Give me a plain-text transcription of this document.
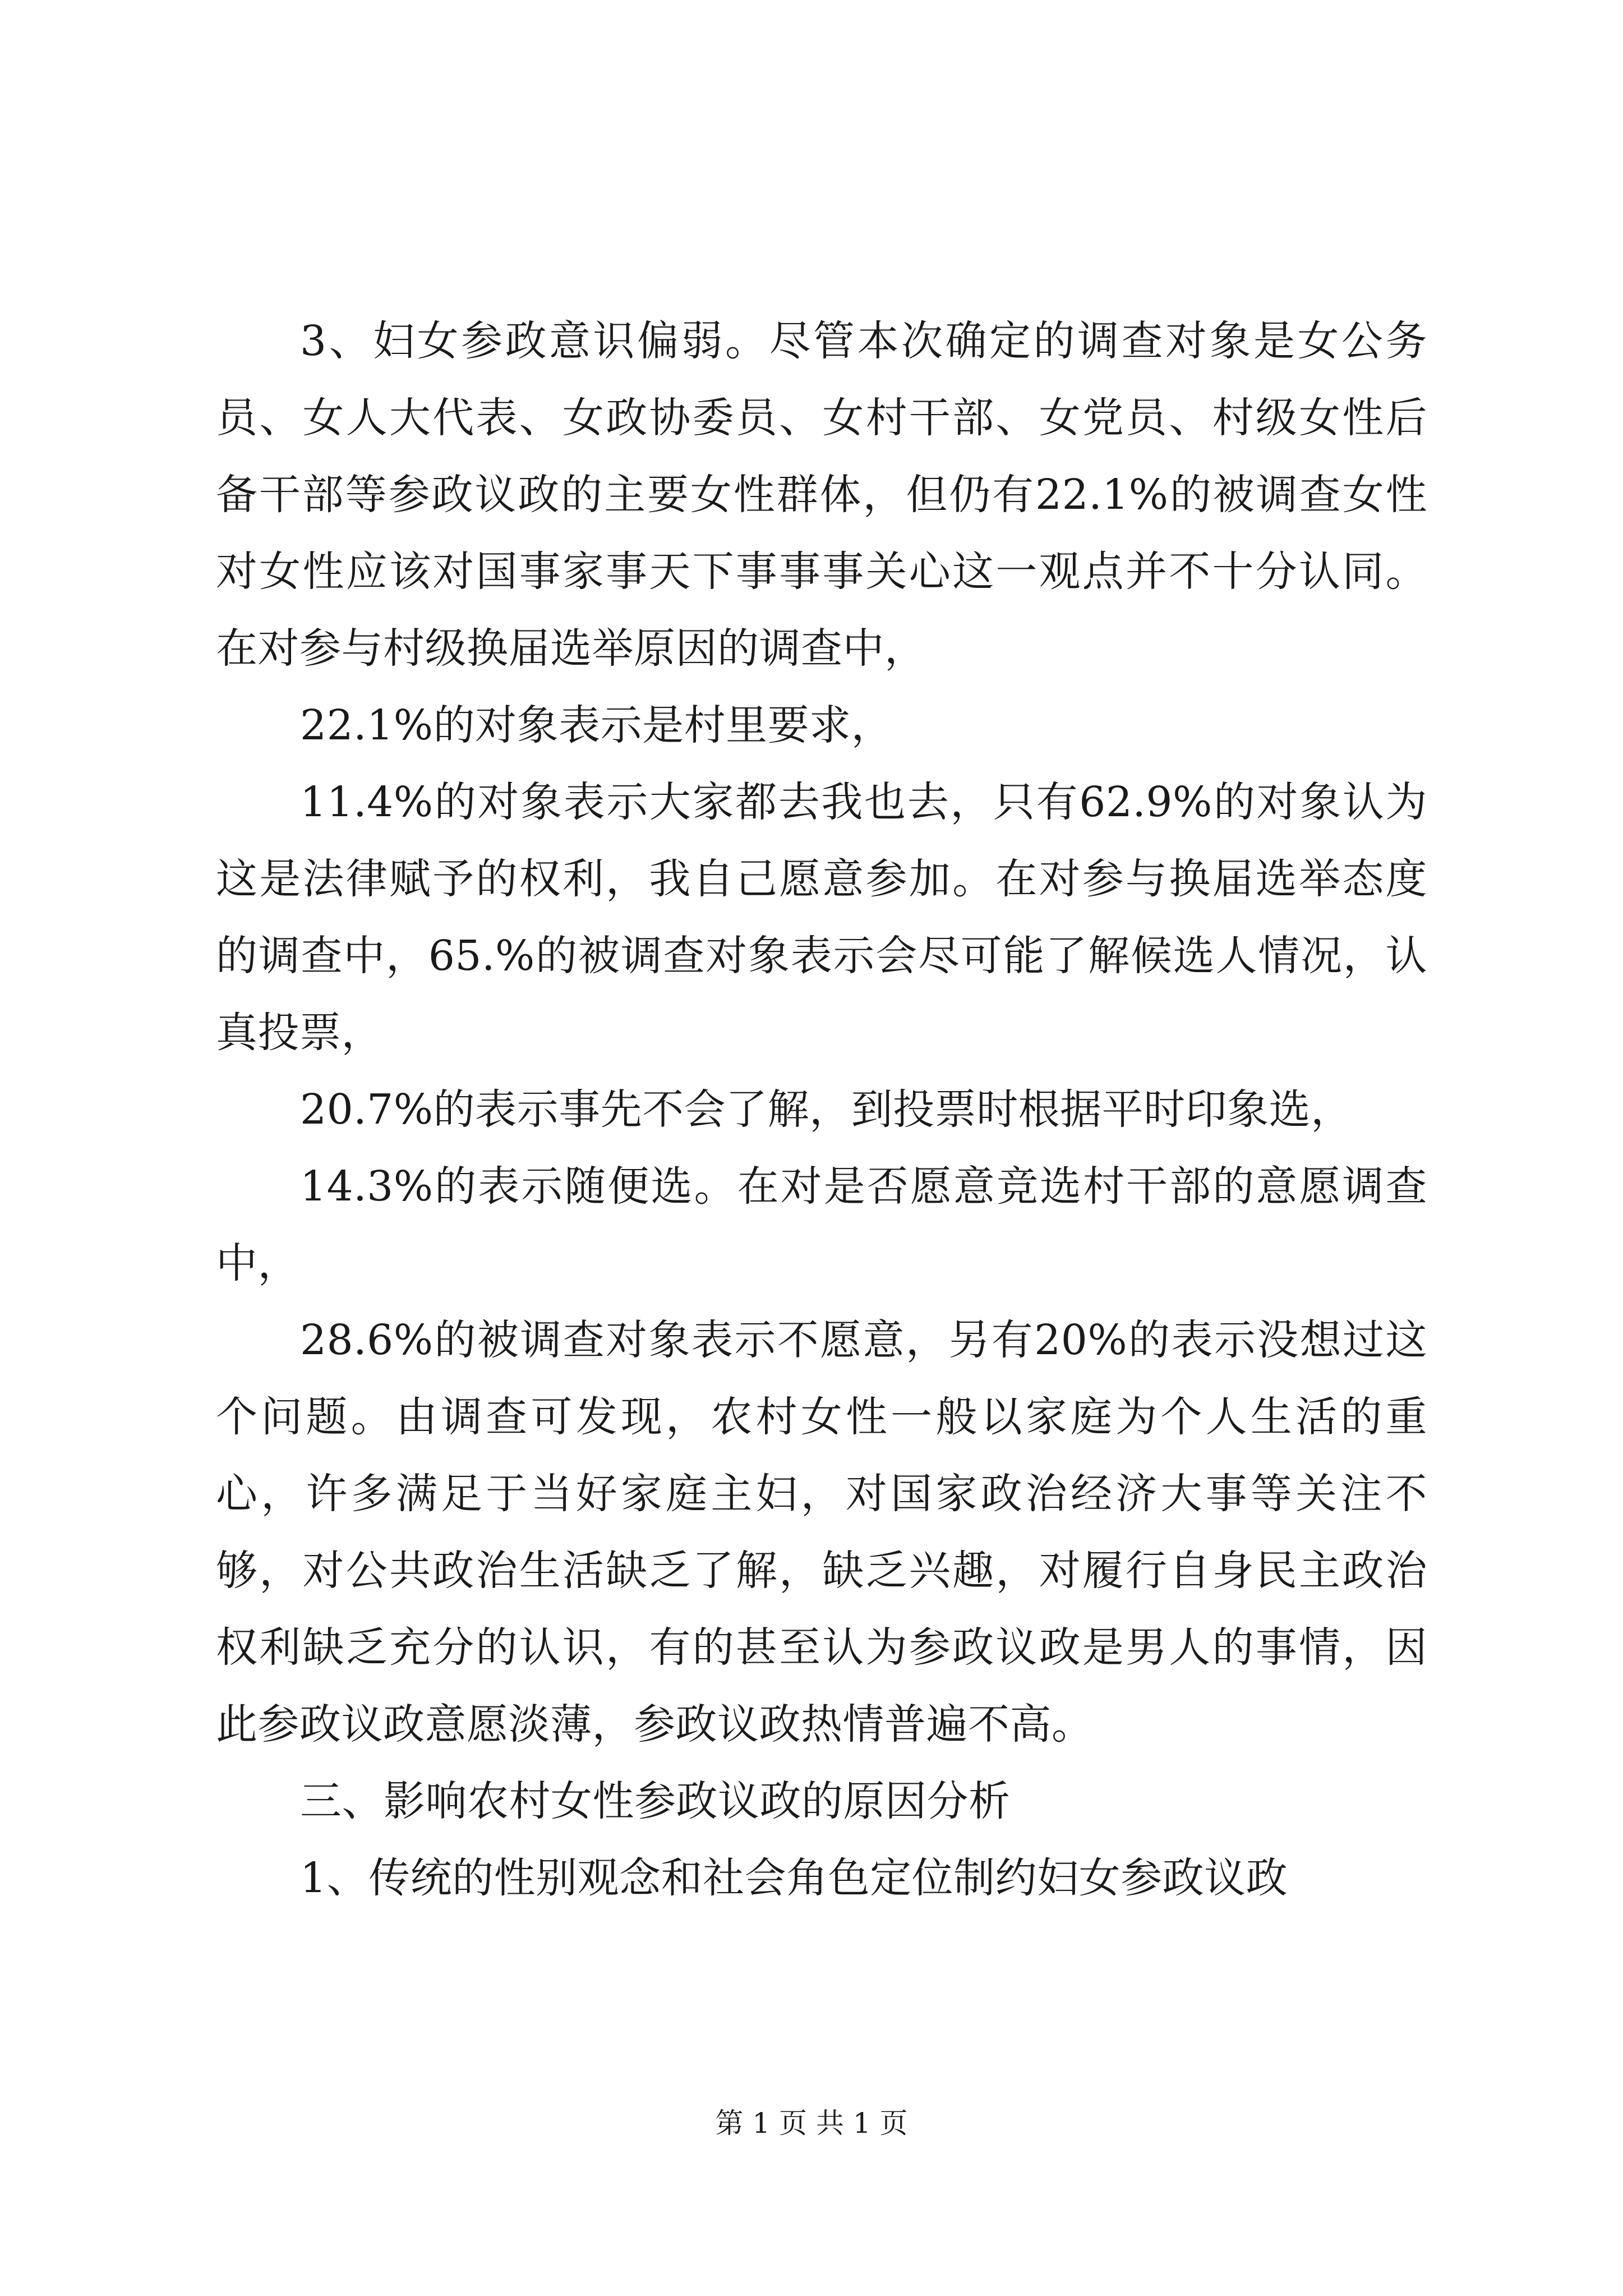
3、妇女参政意识偏弱。尽管本次确定的调查对象是女公务员、女人大代表、女政协委员、女村干部、女党员、村级女性后备干部等参政议政的主要女性群体，但仍有22.1%的被调查女性对女性应该对国事家事天下事事事关心这一观点并不十分认同。在对参与村级换届选举原因的调查中，

22.1%的对象表示是村里要求，

11.4%的对象表示大家都去我也去，只有62.9%的对象认为这是法律赋予的权利，我自己愿意参加。在对参与换届选举态度的调查中，65.%的被调查对象表示会尽可能了解候选人情况，认真投票，

20.7%的表示事先不会了解，到投票时根据平时印象选，

14.3%的表示随便选。在对是否愿意竞选村干部的意愿调查中，

28.6%的被调查对象表示不愿意，另有20%的表示没想过这个问题。由调查可发现，农村女性一般以家庭为个人生活的重心，许多满足于当好家庭主妇，对国家政治经济大事等关注不够，对公共政治生活缺乏了解，缺乏兴趣，对履行自身民主政治权利缺乏充分的认识，有的甚至认为参政议政是男人的事情，因此参政议政意愿淡薄，参政议政热情普遍不高。

三、影响农村女性参政议政的原因分析

1、传统的性别观念和社会角色定位制约妇女参政议政

第 1 页 共 1 页
